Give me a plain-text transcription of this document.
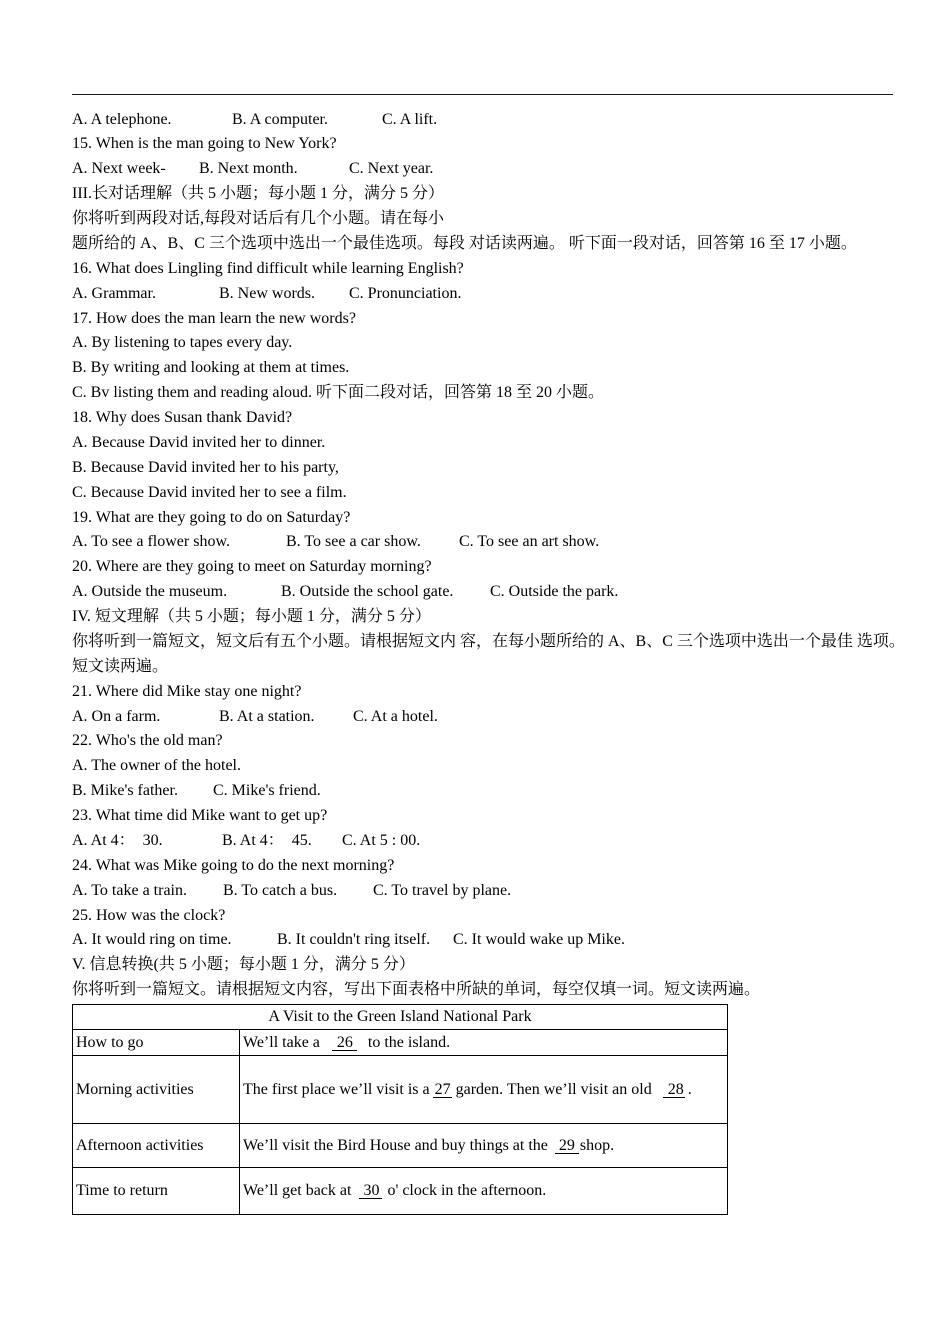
A. A telephone.	B. A computer.	C. A lift.
15. When is the man going to New York?
A. Next week- B. Next month.	C. Next year.
III.长对话理解（共 5 小题；每小题 1 分，满分 5 分）
你将听到两段对话,每段对话后有几个小题。请在每小
题所给的 A、B、C 三个选项中选出一个最佳选项。每段 对话读两遍。 听下面一段对话，回答第 16 至 17 小题。
16. What does Lingling find difficult while learning English?
A. Grammar.	B. New words. C. Pronunciation.
17. How does the man learn the new words?
A. By listening to tapes every day.
B. By writing and looking at them at times.
C. Bv listing them and reading aloud. 听下面二段对话，回答第 18 至 20 小题。
18. Why does Susan thank David?
A. Because David invited her to dinner.
B. Because David invited her to his party,
C. Because David invited her to see a film.
19. What are they going to do on Saturday?
A. To see a flower show.	B. To see a car show. C. To see an art show.
20. Where are they going to meet on Saturday morning?
A. Outside the museum.	B. Outside the school gate. C. Outside the park.
IV. 短文理解（共 5 小题；每小题 1 分，满分 5 分）
你将听到一篇短文，短文后有五个小题。请根据短文内 容，在每小题所给的 A、B、C 三个选项中选出一个最佳 选项。
短文读两遍。
21. Where did Mike stay one night?
A. On a farm.	B. At a station. C. At a hotel.
22. Who's the old man?
A. The owner of the hotel.
B. Mike's father. C. Mike's friend.
23. What time did Mike want to get up?
A. At 4：  30.	B. At 4：  45. C. At 5 : 00.
24. What was Mike going to do the next morning?
A. To take a train. B. To catch a bus. C. To travel by plane.
25. How was the clock?
A. It would ring on time.	B. It couldn't ring itself. C. It would wake up Mike.
V. 信息转换(共 5 小题；每小题 1 分，满分 5 分）
你将听到一篇短文。请根据短文内容，写出下面表格中所缺的单词，每空仅填一词。短文读两遍。
A Visit to the Green Island National Park	
How to go	We’ll take a 26 to the island.
Morning activities	The first place we’ll visit is a 27 garden. Then we’ll visit an old 28 .
Afternoon activities	We’ll visit the Bird House and buy things at the 29 shop.
Time to return	We’ll get back at 30 o' clock in the afternoon.
